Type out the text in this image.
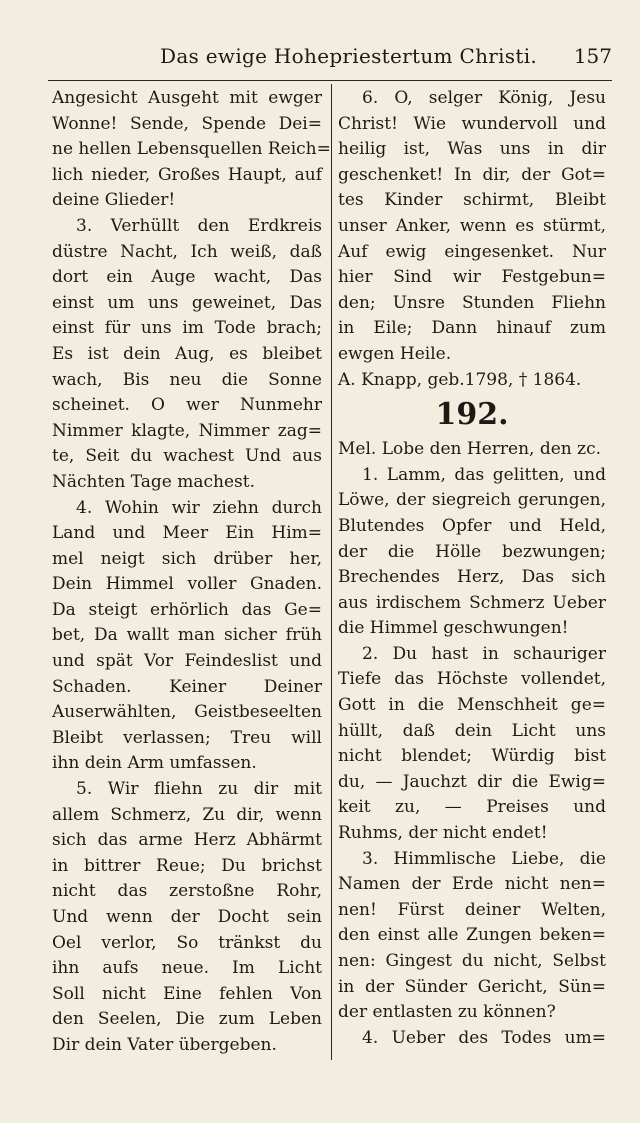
Das ewige Hohepriestertum Christi. 157
Angesicht Ausgeht mit ewger
Wonne! Sende, Spende Dei=
ne hellen Lebensquellen Reich=
lich nieder, Großes Haupt, auf
deine Glieder!
3. Verhüllt den Erdkreis
düstre Nacht, Ich weiß, daß
dort ein Auge wacht, Das
einst um uns geweinet, Das
einst für uns im Tode brach;
Es ist dein Aug, es bleibet
wach, Bis neu die Sonne
scheinet. O wer Nunmehr
Nimmer klagte, Nimmer zag=
te, Seit du wachest Und aus
Nächten Tage machest.
4. Wohin wir ziehn durch
Land und Meer Ein Him=
mel neigt sich drüber her,
Dein Himmel voller Gnaden.
Da steigt erhörlich das Ge=
bet, Da wallt man sicher früh
und spät Vor Feindeslist und
Schaden. Keiner Deiner
Auserwählten, Geistbeseelten
Bleibt verlassen; Treu will
ihn dein Arm umfassen.
5. Wir fliehn zu dir mit
allem Schmerz, Zu dir, wenn
sich das arme Herz Abhärmt
in bittrer Reue; Du brichst
nicht das zerstoßne Rohr,
Und wenn der Docht sein
Oel verlor, So tränkst du
ihn aufs neue. Im Licht
Soll nicht Eine fehlen Von
den Seelen, Die zum Leben
Dir dein Vater übergeben.
6. O, selger König, Jesu
Christ! Wie wundervoll und
heilig ist, Was uns in dir
geschenket! In dir, der Got=
tes Kinder schirmt, Bleibt
unser Anker, wenn es stürmt,
Auf ewig eingesenket. Nur
hier Sind wir Festgebun=
den; Unsre Stunden Fliehn
in Eile; Dann hinauf zum
ewgen Heile.
A. Knapp, geb.1798, † 1864.
192.
Mel. Lobe den Herren, den zc.
1. Lamm, das gelitten, und
Löwe, der siegreich gerungen,
Blutendes Opfer und Held,
der die Hölle bezwungen;
Brechendes Herz, Das sich
aus irdischem Schmerz Ueber
die Himmel geschwungen!
2. Du hast in schauriger
Tiefe das Höchste vollendet,
Gott in die Menschheit ge=
hüllt, daß dein Licht uns
nicht blendet; Würdig bist
du, — Jauchzt dir die Ewig=
keit zu, — Preises und
Ruhms, der nicht endet!
3. Himmlische Liebe, die
Namen der Erde nicht nen=
nen! Fürst deiner Welten,
den einst alle Zungen beken=
nen: Gingest du nicht, Selbst
in der Sünder Gericht, Sün=
der entlasten zu können?
4. Ueber des Todes um=
